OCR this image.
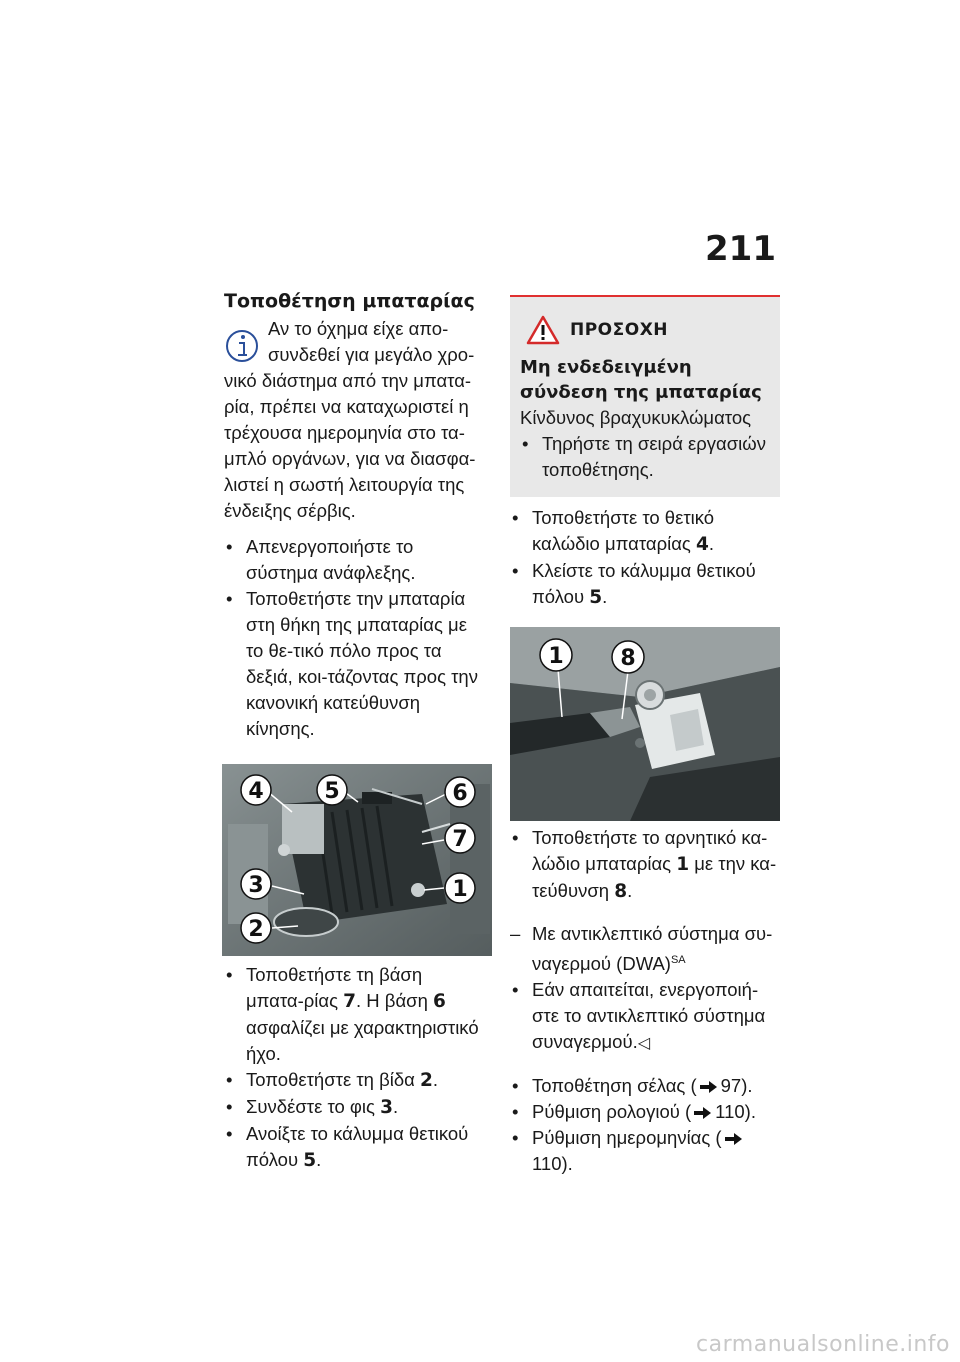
211
Τοποθέτηση μπαταρίας

Αν το όχημα είχε απο-συνδεθεί για μεγάλο χρο-

νικό διάστημα από την μπατα-

ρία, πρέπει να καταχωριστεί η

τρέχουσα ημερομηνία στο τα-

μπλό οργάνων, για να διασφα-

λιστεί η σωστή λειτουργία της

ένδειξης σέρβις.

• Απενεργοποιήστε το σύστημα ανάφλεξης.
• Τοποθετήστε την μπαταρία στη θήκη της μπαταρίας με το θε-τικό πόλο προς τα δεξιά, κοι-τάζοντας προς την κανονική κατεύθυνση κίνησης.
4	5	6
7
3	1
2
• Τοποθετήστε τη βάση μπατα-ρίας 7. Η βάση 6 ασφαλίζει με χαρακτηριστικό ήχο.
• Τοποθετήστε τη βίδα 2.
• Συνδέστε το φις 3.
• Ανοίξτε το κάλυμμα θετικού πόλου 5.
ΠΡΟΣΟΧΗ
Μη ενδεδειγμένη σύνδεση της μπαταρίας

Κίνδυνος βραχυκυκλώματος

• Τηρήστε τη σειρά εργασιών τοποθέτησης.
• Τοποθετήστε το θετικό καλώδιο μπαταρίας 4.
• Κλείστε το κάλυμμα θετικού πόλου 5.
1	8
• Τοποθετήστε το αρνητικό κα-λώδιο μπαταρίας 1 με την κα-τεύθυνση 8.
– Με αντικλεπτικό σύστημα συ-ναγερμού (DWA)$^{SA}$
• Εάν απαιτείται, ενεργοποιή-στε το αντικλεπτικό σύστημα συναγερμού.◁
• Τοποθέτηση σέλας ( 97).
• Ρύθμιση ρολογιού ( 110).
• Ρύθμιση ημερομηνίας (110).
carmanualsonline.info
